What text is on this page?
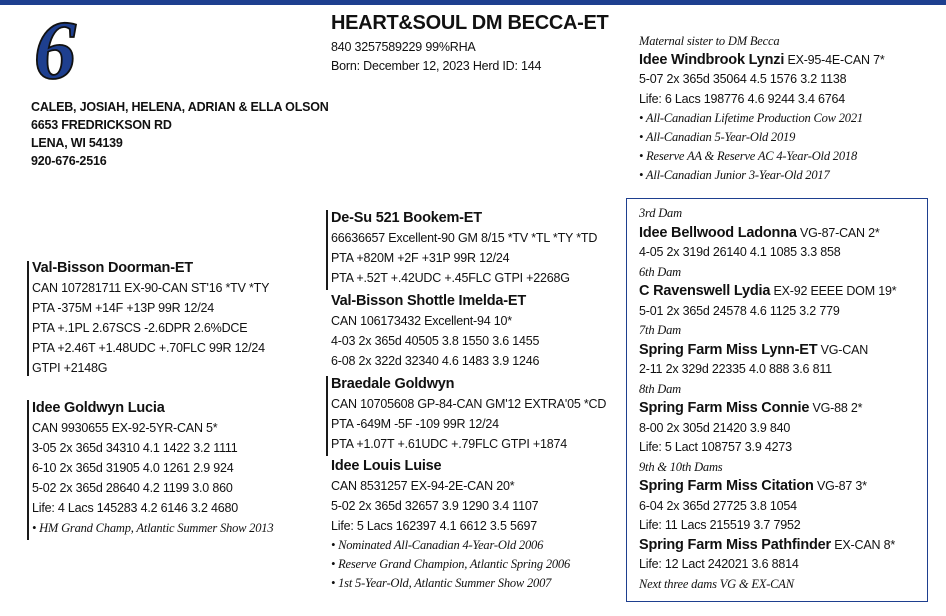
6
CALEB, JOSIAH, HELENA, ADRIAN & ELLA OLSON
6653 FREDRICKSON RD
LENA, WI 54139
920-676-2516
HEART&SOUL DM BECCA-ET
840 3257589229 99%RHA
Born: December 12, 2023 Herd ID: 144
Maternal sister to DM Becca
Idee Windbrook Lynzi EX-95-4E-CAN 7*
5-07 2x 365d 35064 4.5 1576 3.2 1138
Life: 6 Lacs 198776 4.6 9244 3.4 6764
• All-Canadian Lifetime Production Cow 2021
• All-Canadian 5-Year-Old 2019
• Reserve AA & Reserve AC 4-Year-Old 2018
• All-Canadian Junior 3-Year-Old 2017
Val-Bisson Doorman-ET
CAN 107281711 EX-90-CAN ST'16 *TV *TY
PTA -375M +14F +13P 99R 12/24
PTA +.1PL 2.67SCS -2.6DPR 2.6%DCE
PTA +2.46T +1.48UDC +.70FLC 99R 12/24
GTPI +2148G
Idee Goldwyn Lucia
CAN 9930655 EX-92-5YR-CAN 5*
3-05 2x 365d 34310 4.1 1422 3.2 1111
6-10 2x 365d 31905 4.0 1261 2.9 924
5-02 2x 365d 28640 4.2 1199 3.0 860
Life: 4 Lacs 145283 4.2 6146 3.2 4680
• HM Grand Champ, Atlantic Summer Show 2013
De-Su 521 Bookem-ET
66636657 Excellent-90 GM 8/15 *TV *TL *TY *TD
PTA +820M +2F +31P 99R 12/24
PTA +.52T +.42UDC +.45FLC GTPI +2268G
Val-Bisson Shottle Imelda-ET
CAN 106173432 Excellent-94 10*
4-03 2x 365d 40505 3.8 1550 3.6 1455
6-08 2x 322d 32340 4.6 1483 3.9 1246
Braedale Goldwyn
CAN 10705608 GP-84-CAN GM'12 EXTRA'05 *CD
PTA -649M -5F -109 99R 12/24
PTA +1.07T +.61UDC +.79FLC GTPI +1874
Idee Louis Luise
CAN 8531257 EX-94-2E-CAN 20*
5-02 2x 365d 32657 3.9 1290 3.4 1107
Life: 5 Lacs 162397 4.1 6612 3.5 5697
• Nominated All-Canadian 4-Year-Old 2006
• Reserve Grand Champion, Atlantic Spring 2006
• 1st 5-Year-Old, Atlantic Summer Show 2007
3rd Dam
Idee Bellwood Ladonna VG-87-CAN 2*
4-05 2x 319d 26140 4.1 1085 3.3 858
6th Dam
C Ravenswell Lydia EX-92 EEEE DOM 19*
5-01 2x 365d 24578 4.6 1125 3.2 779
7th Dam
Spring Farm Miss Lynn-ET VG-CAN
2-11 2x 329d 22335 4.0 888 3.6 811
8th Dam
Spring Farm Miss Connie VG-88 2*
8-00 2x 305d 21420 3.9 840
Life: 5 Lact 108757 3.9 4273
9th & 10th Dams
Spring Farm Miss Citation VG-87 3*
6-04 2x 365d 27725 3.8 1054
Life: 11 Lacs 215519 3.7 7952
Spring Farm Miss Pathfinder EX-CAN 8*
Life: 12 Lact 242021 3.6 8814
Next three dams VG & EX-CAN
